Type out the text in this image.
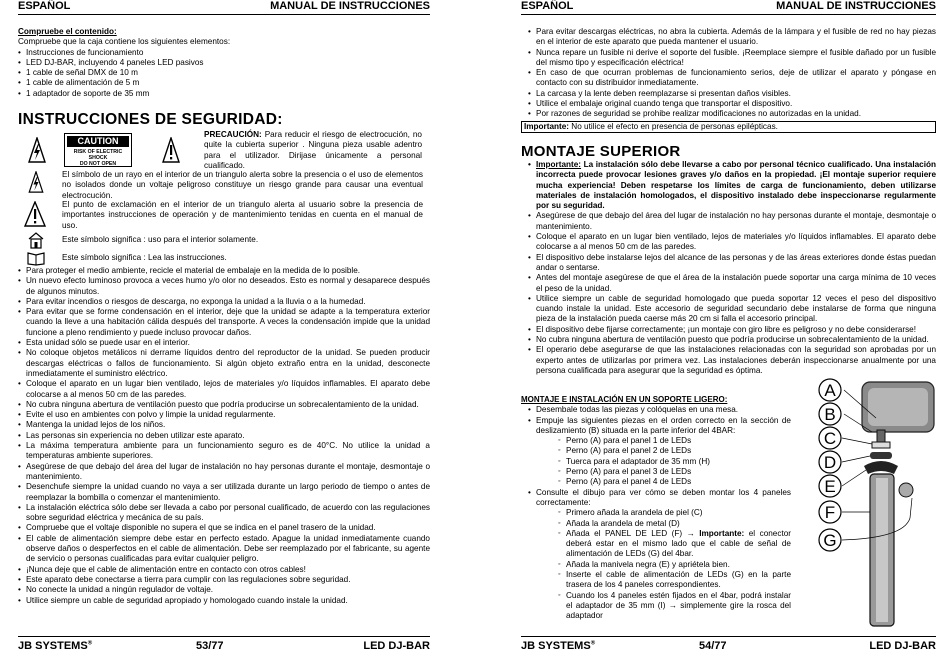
ESPAÑOL	MANUAL DE INSTRUCCIONES

Compruebe el contenido:

Compruebe que la caja contiene los siguientes elementos:

• Instrucciones de funcionamiento
• LED DJ-BAR, incluyendo 4 paneles LED pasivos
• 1 cable de señal DMX de 10 m
• 1 cable de alimentación de 5 m
• 1 adaptador de soporte de 35 mm
INSTRUCCIONES DE SEGURIDAD:
CAUTION
RISK OF ELECTRIC SHOCK
DO NOT OPEN
PRECAUCIÓN: Para reducir el riesgo de electrocución, no quite la cubierta superior . Ninguna pieza usable adentro para el utilizador. Dirijase únicamente a personal cualificado.
El símbolo de un rayo en el interior de un triangulo alerta sobre la presencia o el uso de elementos no isolados donde un voltaje peligroso constituye un riesgo grande para causar una eventual electrocución.
El punto de exclamación en el interior de un triangulo alerta al usuario sobre la presencia de importantes instrucciones de operación y de mantenimiento tenidas en cuenta en el manual de uso.
Este símbolo significa : uso para el interior solamente.
Este símbolo significa : Lea las instrucciones.
• Para proteger el medio ambiente, recicle el material de embalaje en la medida de lo posible.
• Un nuevo efecto luminoso provoca a veces humo y/o olor no deseados. Esto es normal y desaparece después de algunos minutos.
• Para evitar incendios o riesgos de descarga, no exponga la unidad a la lluvia o a la humedad.
• Para evitar que se forme condensación en el interior, deje que la unidad se adapte a la temperatura exterior cuando la lleve a una habitación cálida después del transporte. A veces la condensación impide que la unidad funcione a pleno rendimiento y puede incluso provocar daños.
• Esta unidad sólo se puede usar en el interior.
• No coloque objetos metálicos ni derrame líquidos dentro del reproductor de la unidad. Se pueden producir descargas eléctricas o fallos de funcionamiento. Si algún objeto extraño entra en la unidad, desconecte inmediatamente el suministro eléctrico.
• Coloque el aparato en un lugar bien ventilado, lejos de materiales y/o líquidos inflamables. El aparato debe colocarse a al menos 50 cm de las paredes.
• No cubra ninguna abertura de ventilación puesto que podría producirse un sobrecalentamiento de la unidad.
• Evite el uso en ambientes con polvo y limpie la unidad regularmente.
• Mantenga la unidad lejos de los niños.
• Las personas sin experiencia no deben utilizar este aparato.
• La máxima temperatura ambiente para un funcionamiento seguro es de 40°C. No utilice la unidad a temperaturas ambiente superiores.
• Asegúrese de que debajo del área del lugar de instalación no hay personas durante el montaje, desmontaje o mantenimiento.
• Desenchufe siempre la unidad cuando no vaya a ser utilizada durante un largo periodo de tiempo o antes de reemplazar la bombilla o comenzar el mantenimiento.
• La instalación eléctrica sólo debe ser llevada a cabo por personal cualificado, de acuerdo con las regulaciones sobre seguridad eléctrica y mecánica de su país.
• Compruebe que el voltaje disponible no supera el que se indica en el panel trasero de la unidad.
• El cable de alimentación siempre debe estar en perfecto estado. Apague la unidad inmediatamente cuando observe daños o desperfectos en el cable de alimentación. Debe ser reemplazado por el fabricante, su agente de servicio o personas cualificadas para evitar cualquier peligro.
• ¡Nunca deje que el cable de alimentación entre en contacto con otros cables!
• Este aparato debe conectarse a tierra para cumplir con las regulaciones sobre seguridad.
• No conecte la unidad a ningún regulador de voltaje.
• Utilice siempre un cable de seguridad apropiado y homologado cuando instale la unidad.
JB SYSTEMS®	53/77	LED DJ-BAR
ESPAÑOL	MANUAL DE INSTRUCCIONES
• Para evitar descargas eléctricas, no abra la cubierta. Además de la lámpara y el fusible de red no hay piezas en el interior de este aparato que pueda mantener el usuario.
• Nunca repare un fusible ni derive el soporte del fusible. ¡Reemplace siempre el fusible dañado por un fusible del mismo tipo y especificación eléctrica!
• En caso de que ocurran problemas de funcionamiento serios, deje de utilizar el aparato y póngase en contacto con su distribuidor inmediatamente.
• La carcasa y la lente deben reemplazarse si presentan daños visibles.
• Utilice el embalaje original cuando tenga que transportar el dispositivo.
• Por razones de seguridad se prohibe realizar modificaciones no autorizadas en la unidad.
Importante: No utilice el efecto en presencia de personas epilépticas.
MONTAJE SUPERIOR
• Importante: La instalación sólo debe llevarse a cabo por personal técnico cualificado. Una instalación incorrecta puede provocar lesiones graves y/o daños en la propiedad. ¡El montaje superior requiere mucha experiencia! Deben respetarse los límites de carga de funcionamiento, deben utilizarse materiales de instalación homologados, el dispositivo instalado debe inspeccionarse regularmente por su seguridad.
• Asegúrese de que debajo del área del lugar de instalación no hay personas durante el montaje, desmontaje o mantenimiento.
• Coloque el aparato en un lugar bien ventilado, lejos de materiales y/o líquidos inflamables. El aparato debe colocarse a al menos 50 cm de las paredes.
• El dispositivo debe instalarse lejos del alcance de las personas y de las áreas exteriores donde éstas puedan andar o sentarse.
• Antes del montaje asegúrese de que el área de la instalación puede soportar una carga mínima de 10 veces el peso de la unidad.
• Utilice siempre un cable de seguridad homologado que pueda soportar 12 veces el peso del dispositivo cuando instale la unidad. Este accesorio de seguridad secundario debe instalarse de forma que ninguna pieza de la instalación pueda caerse más 20 cm si falla el accesorio principal.
• El dispositivo debe fijarse correctamente; ¡un montaje con giro libre es peligroso y no debe considerarse!
• No cubra ninguna abertura de ventilación puesto que podría producirse un sobrecalentamiento de la unidad.
• El operario debe asegurarse de que las instalaciones relacionadas con la seguridad son aprobadas por un experto antes de utilizarlas por primera vez. Las instalaciones deberán inspeccionarse anualmente por una persona cualificada para asegurar que la seguridad es óptima.

MONTAJE E INSTALACIÓN EN UN SOPORTE LIGERO:

• Desembale todas las piezas y colóquelas en una mesa.
• Empuje las siguientes piezas en el orden correcto en la sección de deslizamiento (B) situada en la parte inferior del 4BAR:
◦ Perno (A) para el panel 1 de LEDs
◦ Perno (A) para el panel 2 de LEDs
◦ Tuerca para el adaptador de 35 mm (H)
◦ Perno (A) para el panel 3 de LEDs
◦ Perno (A) para el panel 4 de LEDs
• Consulte el dibujo para ver cómo se deben montar los 4 paneles correctamente:
◦ Primero añada la arandela de piel (C)
◦ Añada la arandela de metal (D)
◦ Añada el PANEL DE LED (F) → Importante: el conector deberá estar en el mismo lado que el cable de señal de alimentación de LEDs (G) del 4bar.
◦ Añada la manivela negra (E) y apriétela bien.
◦ Inserte el cable de alimentación de LEDs (G) en la parte trasera de los 4 paneles correspondientes.
◦ Cuando los 4 paneles estén fijados en el 4bar, podrá instalar el adaptador de 35 mm (I) → simplemente gire la rosca del adaptador
A
B
C
D
E
F
G
JB SYSTEMS®	54/77	LED DJ-BAR
